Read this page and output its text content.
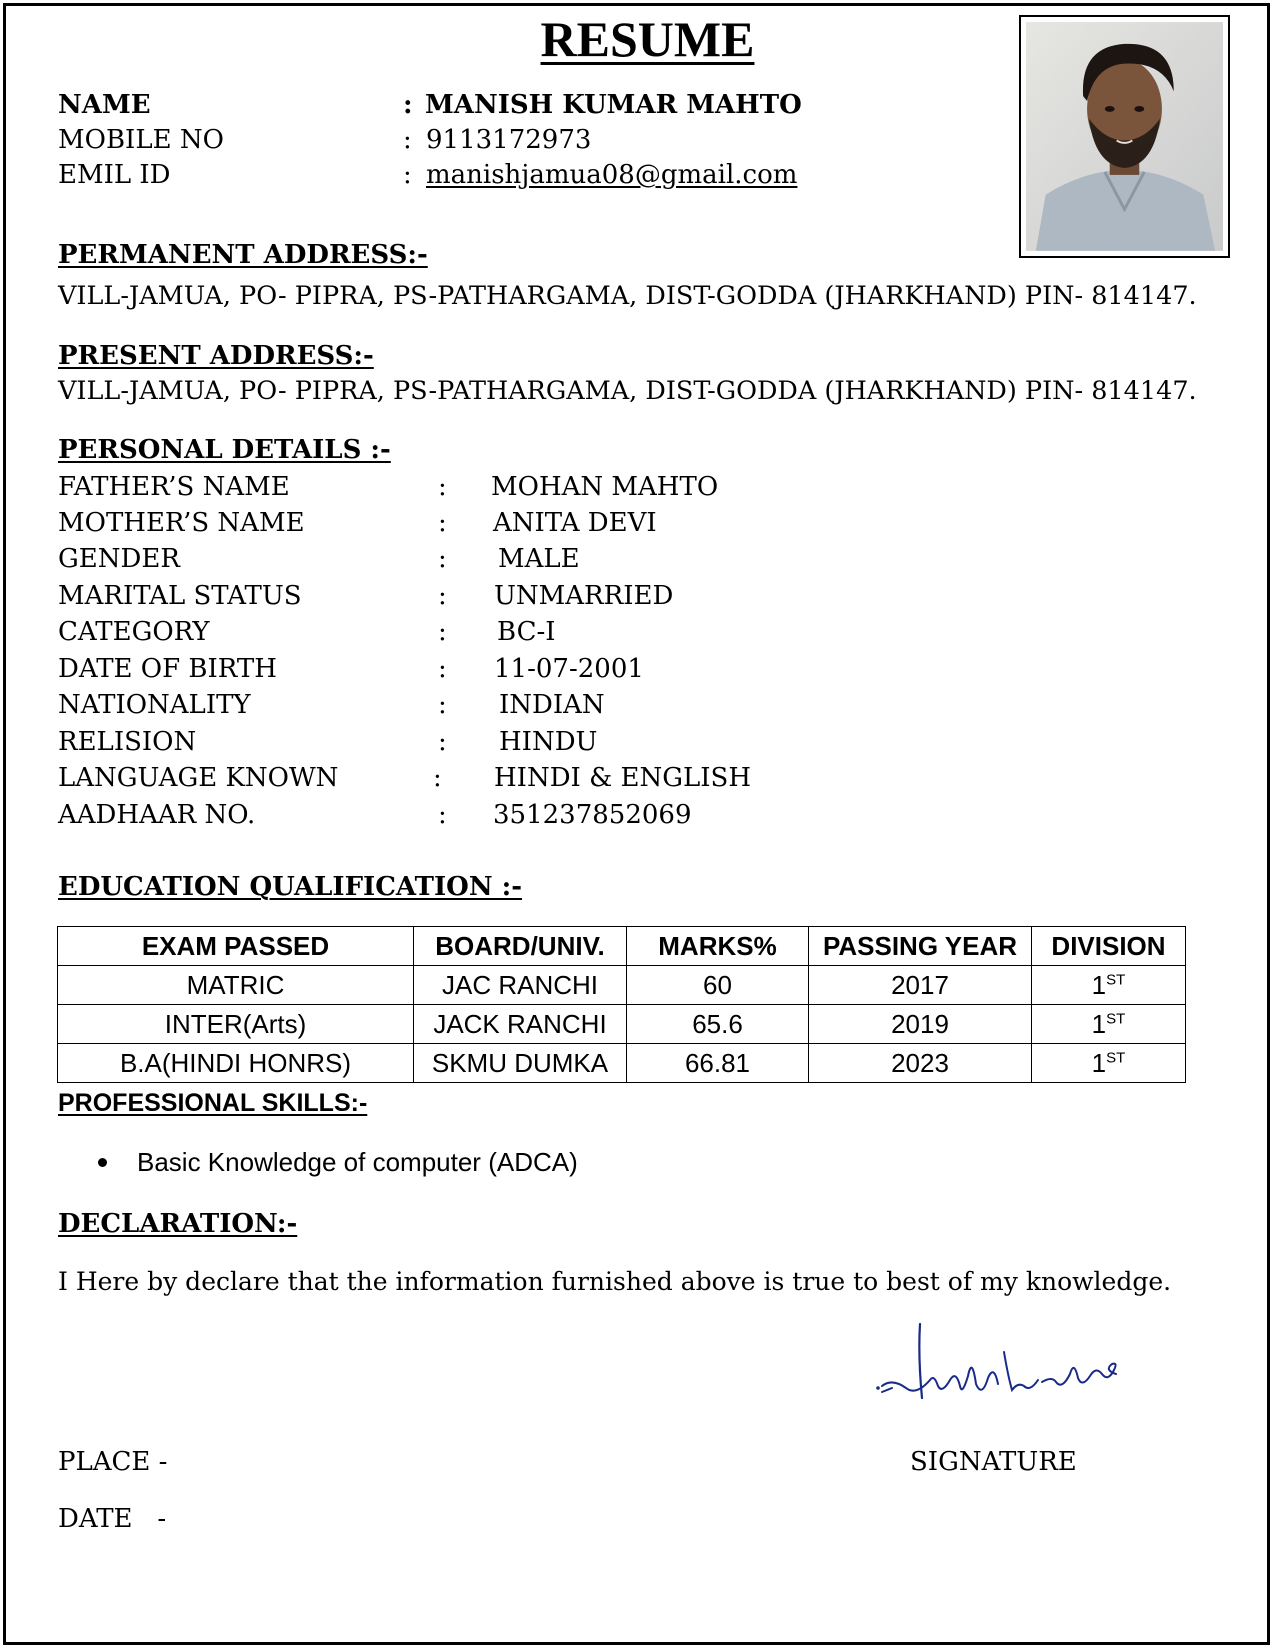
RESUME
NAME	: MANISH KUMAR MAHTO
MOBILE NO	: 9113172973
EMIL ID	: manishjamua08@gmail.com
PERMANENT ADDRESS:-
VILL-JAMUA, PO- PIPRA, PS-PATHARGAMA, DIST-GODDA (JHARKHAND) PIN- 814147.
PRESENT ADDRESS:-
VILL-JAMUA, PO- PIPRA, PS-PATHARGAMA, DIST-GODDA (JHARKHAND) PIN- 814147.
PERSONAL DETAILS :-
FATHER’S NAME	: MOHAN MAHTO
MOTHER’S NAME	: ANITA DEVI
GENDER	: MALE
MARITAL STATUS	: UNMARRIED
CATEGORY	: BC-I
DATE OF BIRTH	: 11-07-2001
NATIONALITY	: INDIAN
RELISION	: HINDU
LANGUAGE KNOWN	: HINDI & ENGLISH
AADHAAR NO.	: 351237852069
EDUCATION QUALIFICATION :-
EXAM PASSED	BOARD/UNIV.	MARKS%	PASSING YEAR	DIVISION
MATRIC	JAC RANCHI	60	2017	1ST
INTER(Arts)	JACK RANCHI	65.6	2019	1ST
B.A(HINDI HONRS)	SKMU DUMKA	66.81	2023	1ST
PROFESSIONAL SKILLS:-
Basic Knowledge of computer (ADCA)
DECLARATION:-
I Here by declare that the information furnished above is true to best of my knowledge.
PLACE -	SIGNATURE
DATE   -
